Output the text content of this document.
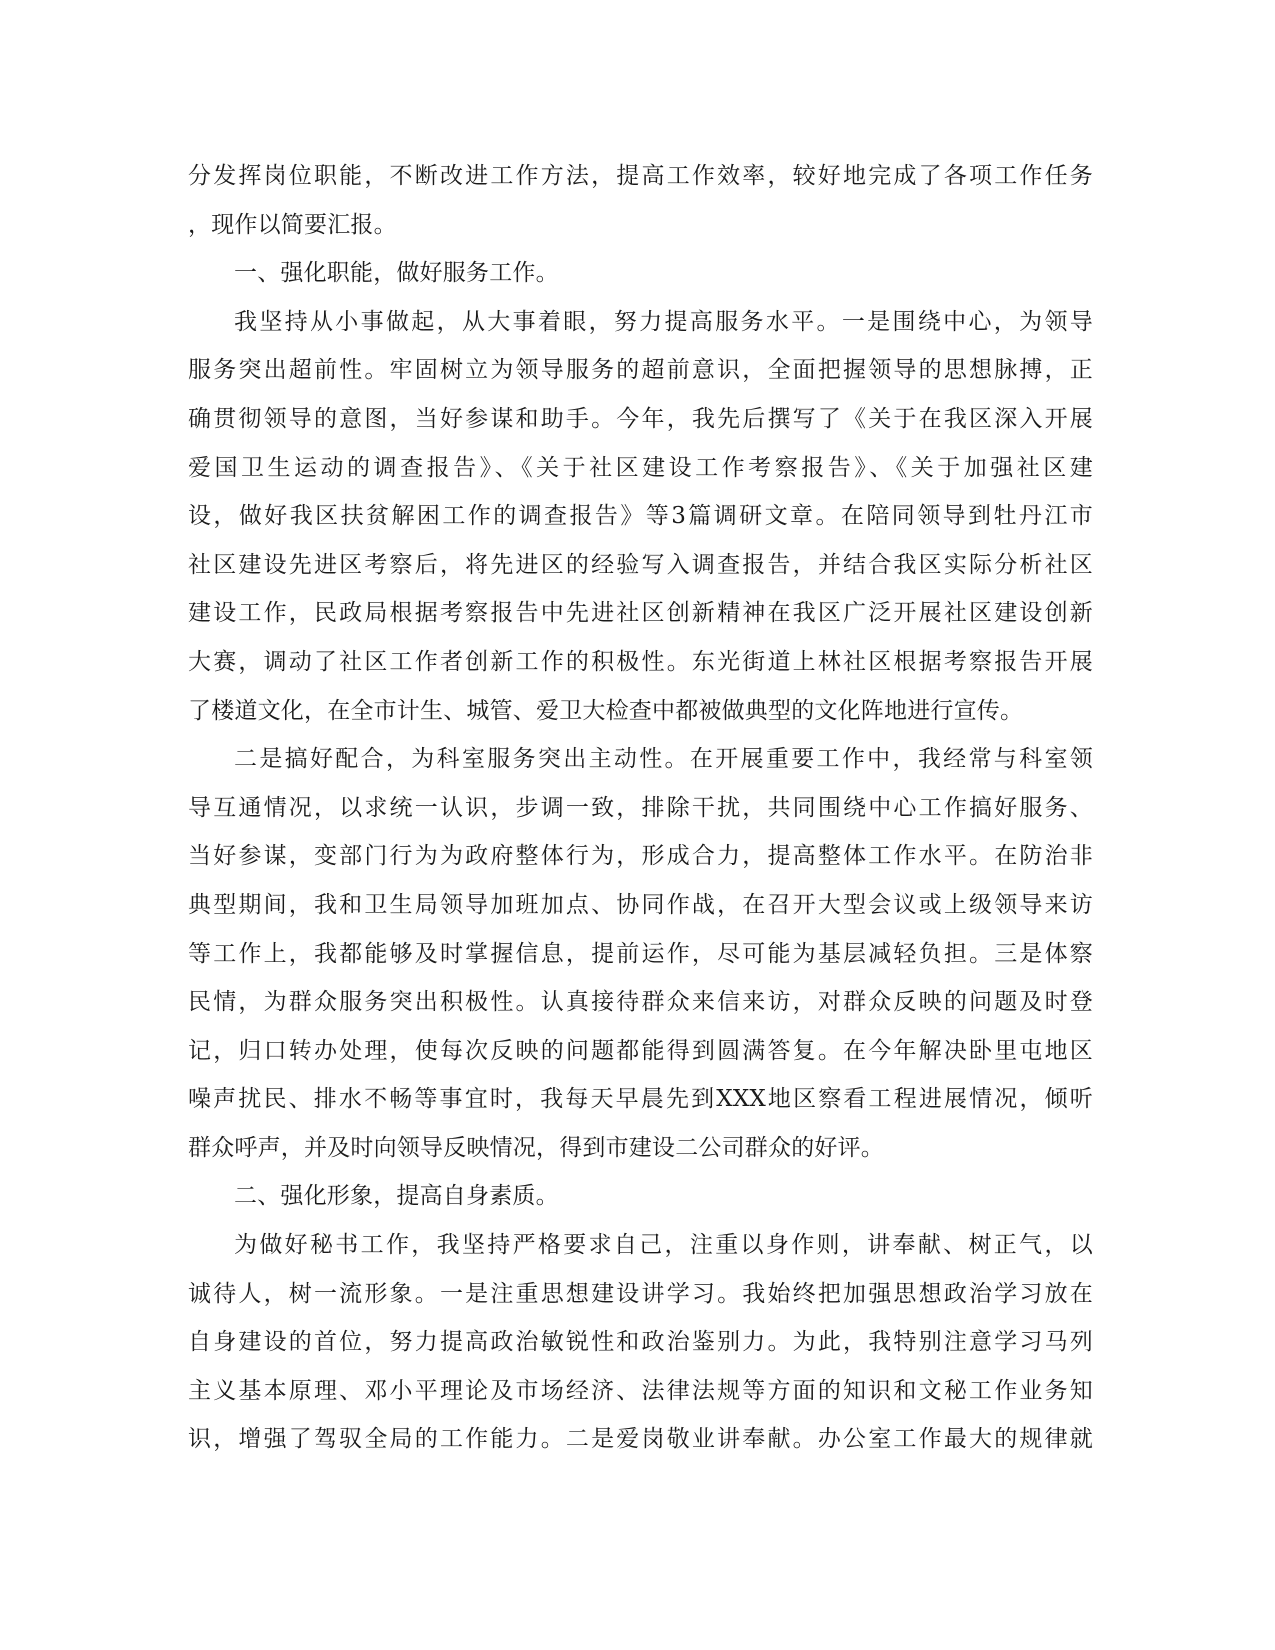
分发挥岗位职能，不断改进工作方法，提高工作效率，较好地完成了各项工作任务
，现作以简要汇报。
一、强化职能，做好服务工作。
我坚持从小事做起，从大事着眼，努力提高服务水平。一是围绕中心，为领导
服务突出超前性。牢固树立为领导服务的超前意识，全面把握领导的思想脉搏，正
确贯彻领导的意图，当好参谋和助手。今年，我先后撰写了《关于在我区深入开展
爱国卫生运动的调查报告》、《关于社区建设工作考察报告》、《关于加强社区建
设，做好我区扶贫解困工作的调查报告》等3篇调研文章。在陪同领导到牡丹江市
社区建设先进区考察后，将先进区的经验写入调查报告，并结合我区实际分析社区
建设工作，民政局根据考察报告中先进社区创新精神在我区广泛开展社区建设创新
大赛，调动了社区工作者创新工作的积极性。东光街道上林社区根据考察报告开展
了楼道文化，在全市计生、城管、爱卫大检查中都被做典型的文化阵地进行宣传。
二是搞好配合，为科室服务突出主动性。在开展重要工作中，我经常与科室领
导互通情况，以求统一认识，步调一致，排除干扰，共同围绕中心工作搞好服务、
当好参谋，变部门行为为政府整体行为，形成合力，提高整体工作水平。在防治非
典型期间，我和卫生局领导加班加点、协同作战，在召开大型会议或上级领导来访
等工作上，我都能够及时掌握信息，提前运作，尽可能为基层减轻负担。三是体察
民情，为群众服务突出积极性。认真接待群众来信来访，对群众反映的问题及时登
记，归口转办处理，使每次反映的问题都能得到圆满答复。在今年解决卧里屯地区
噪声扰民、排水不畅等事宜时，我每天早晨先到XXX地区察看工程进展情况，倾听
群众呼声，并及时向领导反映情况，得到市建设二公司群众的好评。
二、强化形象，提高自身素质。
为做好秘书工作，我坚持严格要求自己，注重以身作则，讲奉献、树正气，以
诚待人，树一流形象。一是注重思想建设讲学习。我始终把加强思想政治学习放在
自身建设的首位，努力提高政治敏锐性和政治鉴别力。为此，我特别注意学习马列
主义基本原理、邓小平理论及市场经济、法律法规等方面的知识和文秘工作业务知
识，增强了驾驭全局的工作能力。二是爱岗敬业讲奉献。办公室工作最大的规律就
